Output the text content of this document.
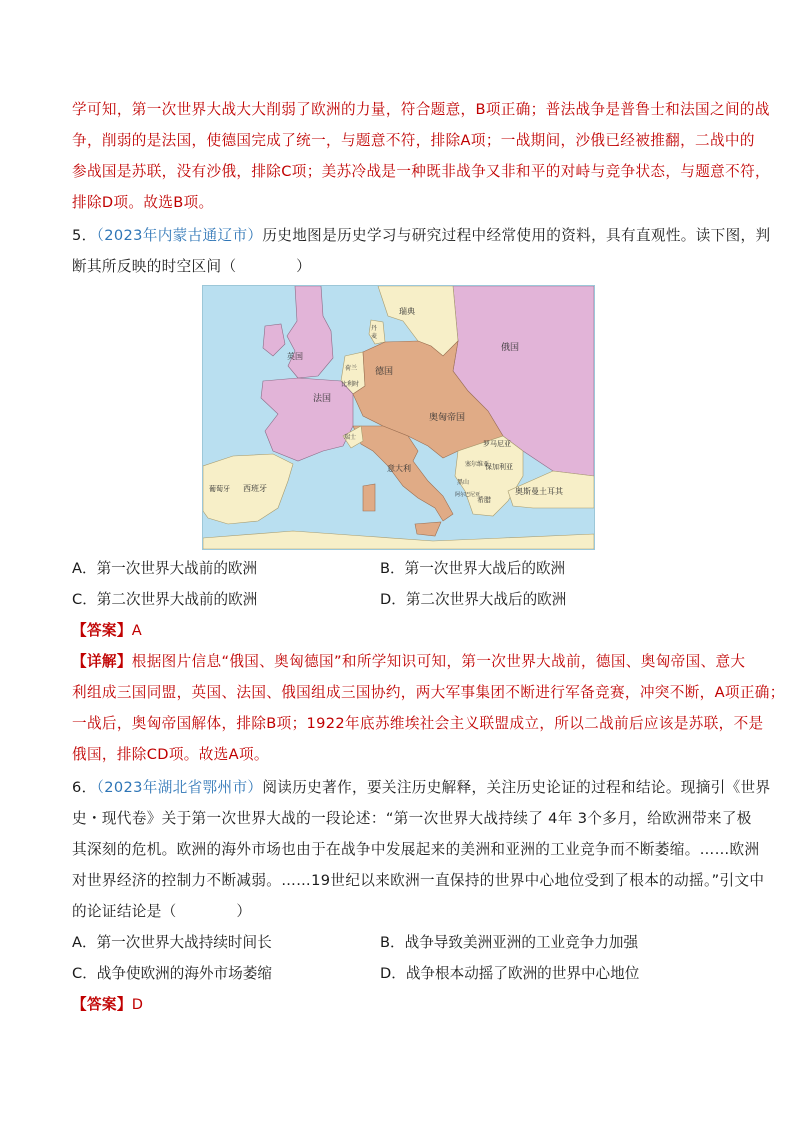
学可知，第一次世界大战大大削弱了欧洲的力量，符合题意，B项正确；普法战争是普鲁士和法国之间的战
争，削弱的是法国，使德国完成了统一，与题意不符，排除A项；一战期间，沙俄已经被推翻，二战中的
参战国是苏联，没有沙俄，排除C项；美苏冷战是一种既非战争又非和平的对峙与竞争状态，与题意不符，
排除D项。故选B项。
5．（2023年内蒙古通辽市）历史地图是历史学习与研究过程中经常使用的资料，具有直观性。读下图，判
断其所反映的时空区间（　　　　）
瑞典
俄国
英国
丹
麦
荷兰
比利时
德国
法国
奥匈帝国
瑞士
罗马尼亚
塞尔维亚
保加利亚
黑山
阿尔巴尼亚
希腊
葡萄牙 西班牙
意大利
奥斯曼土耳其
A．第一次世界大战前的欧洲	B．第一次世界大战后的欧洲
C．第二次世界大战前的欧洲	D．第二次世界大战后的欧洲
【答案】A
【详解】根据图片信息“俄国、奥匈德国”和所学知识可知，第一次世界大战前，德国、奥匈帝国、意大
利组成三国同盟，英国、法国、俄国组成三国协约，两大军事集团不断进行军备竞赛，冲突不断，A项正确；
一战后，奥匈帝国解体，排除B项；1922年底苏维埃社会主义联盟成立，所以二战前后应该是苏联，不是
俄国，排除CD项。故选A项。
6．（2023年湖北省鄂州市）阅读历史著作，要关注历史解释，关注历史论证的过程和结论。现摘引《世界
史・现代卷》关于第一次世界大战的一段论述：“第一次世界大战持续了 4年 3个多月，给欧洲带来了极
其深刻的危机。欧洲的海外市场也由于在战争中发展起来的美洲和亚洲的工业竞争而不断萎缩。……欧洲
对世界经济的控制力不断减弱。……19世纪以来欧洲一直保持的世界中心地位受到了根本的动摇。”引文中
的论证结论是（　　　　）
A．第一次世界大战持续时间长	B．战争导致美洲亚洲的工业竞争力加强
C．战争使欧洲的海外市场萎缩	D．战争根本动摇了欧洲的世界中心地位
【答案】D
